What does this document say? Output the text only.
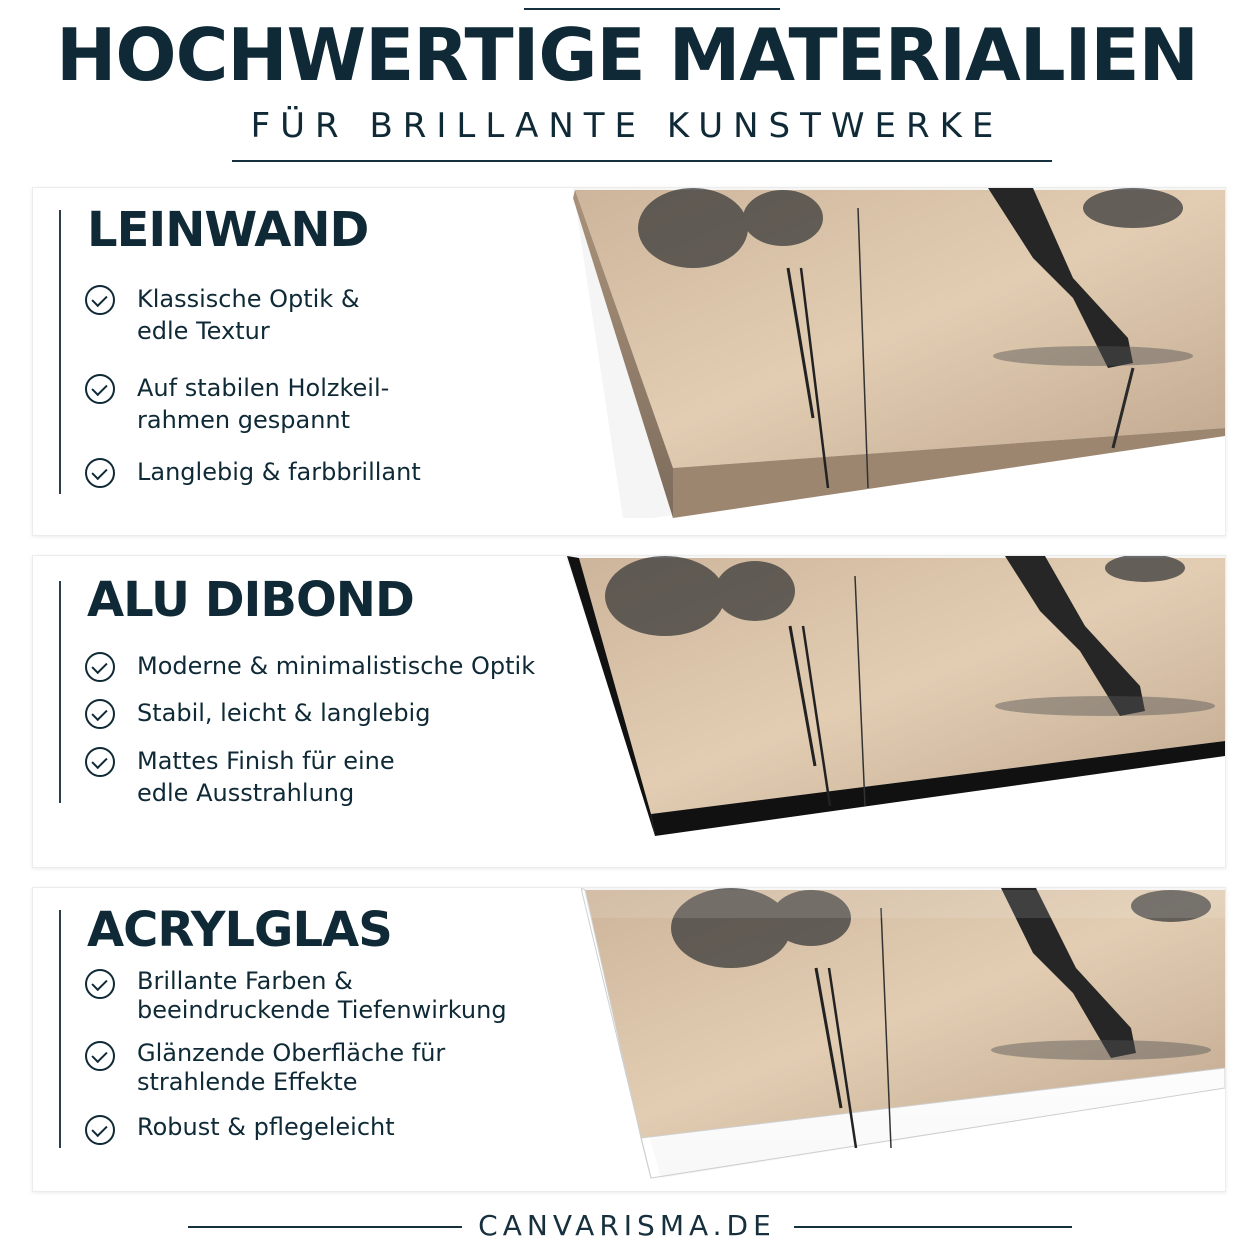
HOCHWERTIGE MATERIALIEN
FÜR BRILLANTE KUNSTWERKE
LEINWAND
Klassische Optik &
edle Textur
Auf stabilen Holzkeil-
rahmen gespannt
Langlebig & farbbrillant
ALU DIBOND
Moderne & minimalistische Optik
Stabil, leicht & langlebig
Mattes Finish für eine
edle Ausstrahlung
ACRYLGLAS
Brillante Farben &
beeindruckende Tiefenwirkung
Glänzende Oberfläche für
strahlende Effekte
Robust & pflegeleicht
CANVARISMA.DE
